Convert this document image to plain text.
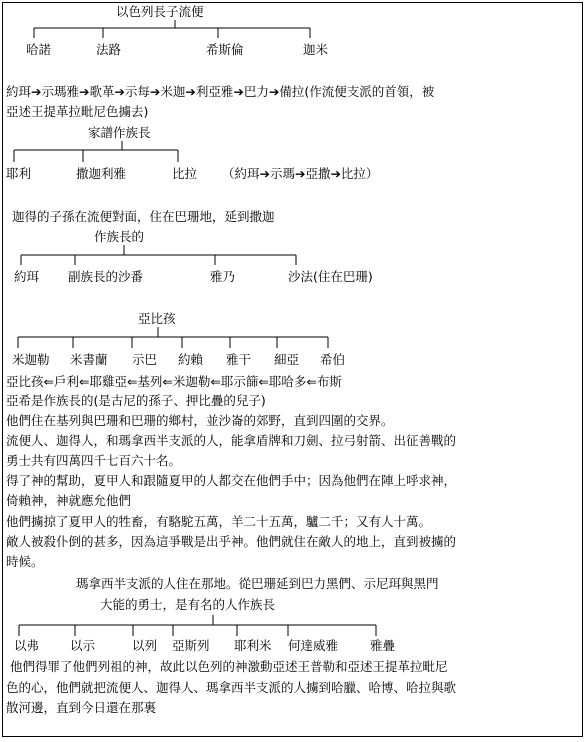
以色列長子流便
哈諾	法路	希斯倫	迦米
約珥➔示瑪雅➔歌革➔示每➔米迦➔利亞雅➔巴力➔備拉(作流便支派的首領，被
亞述王提革拉毗尼色擄去)
家譜作族長
耶利	撒迦利雅	比拉 （約珥➔示瑪➔亞撒➔比拉）
迦得的子孫在流便對面，住在巴珊地，延到撒迦
作族長的
約珥 副族長的沙番	雅乃	沙法(住在巴珊)
亞比孩
米迦勒 米書蘭 示巴 約賴 雅干 細亞 希伯
亞比孩⇐戶利⇐耶雞亞⇐基列⇐米迦勒⇐耶示篩⇐耶哈多⇐布斯
亞希是作族長的(是古尼的孫子、押比疊的兒子)
他們住在基列與巴珊和巴珊的鄉村，並沙崙的郊野，直到四圍的交界。
流便人、迦得人，和瑪拿西半支派的人，能拿盾牌和刀劍、拉弓射箭、出征善戰的
勇士共有四萬四千七百六十名。
得了神的幫助，夏甲人和跟隨夏甲的人都交在他們手中；因為他們在陣上呼求神，
倚賴神，神就應允他們
他們擄掠了夏甲人的牲畜，有駱駝五萬，羊二十五萬，驢二千；又有人十萬。
敵人被殺仆倒的甚多，因為這爭戰是出乎神。他們就住在敵人的地上，直到被擄的
時候。
瑪拿西半支派的人住在那地。從巴珊延到巴力黑們、示尼珥與黑門
大能的勇士，是有名的人作族長
以弗 以示	以列 亞斯列 耶利米 何達威雅	雅疊
他們得罪了他們列祖的神，故此以色列的神激動亞述王普勒和亞述王提革拉毗尼
色的心，他們就把流便人、迦得人、瑪拿西半支派的人擄到哈臘、哈博、哈拉與歌
散河邊，直到今日還在那裏
